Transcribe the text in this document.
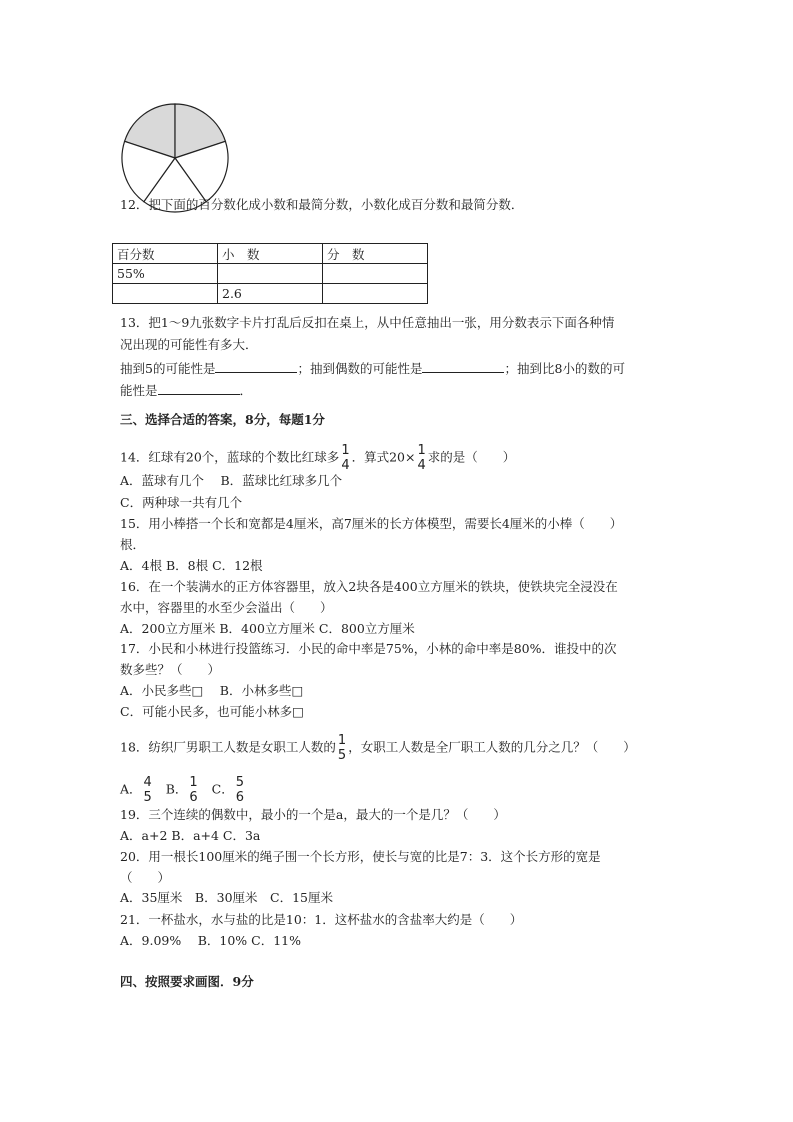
12．把下面的百分数化成小数和最简分数，小数化成百分数和最简分数．
百分数	小　数	分　数
55%		
	2.6	
13．把1～9九张数字卡片打乱后反扣在桌上，从中任意抽出一张，用分数表示下面各种情
况出现的可能性有多大．
抽到5的可能性是	；抽到偶数的可能性是	；抽到比8小的数的可
能性是	．
三、选择合适的答案，8分，每题1分
14．红球有20个，蓝球的个数比红球多 1
4
．算式20× 1
4
求的是（　　）
A．蓝球有几个　 B．蓝球比红球多几个
C．两种球一共有几个
15．用小棒搭一个长和宽都是4厘米，高7厘米的长方体模型，需要长4厘米的小棒（　　）
根．
A．4根 B．8根 C．12根
16．在一个装满水的正方体容器里，放入2块各是400立方厘米的铁块，使铁块完全浸没在
水中，容器里的水至少会溢出（　　）
A．200立方厘米 B．400立方厘米 C．800立方厘米
17．小民和小林进行投篮练习．小民的命中率是75%，小林的命中率是80%．谁投中的次
数多些？（　　）
A．小民多些□　 B．小林多些□
C．可能小民多，也可能小林多□
18．纺织厂男职工人数是女职工人数的 1
5
，女职工人数是全厂职工人数的几分之几？（　　）
A． 4
5
B． 1
6
C． 5
6
19．三个连续的偶数中，最小的一个是a，最大的一个是几？（　　）
A．a+2 B．a+4 C．3a
20．用一根长100厘米的绳子围一个长方形，使长与宽的比是7：3．这个长方形的宽是
（　　）
A．35厘米　B．30厘米　C．15厘米
21．一杯盐水，水与盐的比是10：1．这杯盐水的含盐率大约是（　　）
A．9.09%　 B．10% C．11%
四、按照要求画图．9分
